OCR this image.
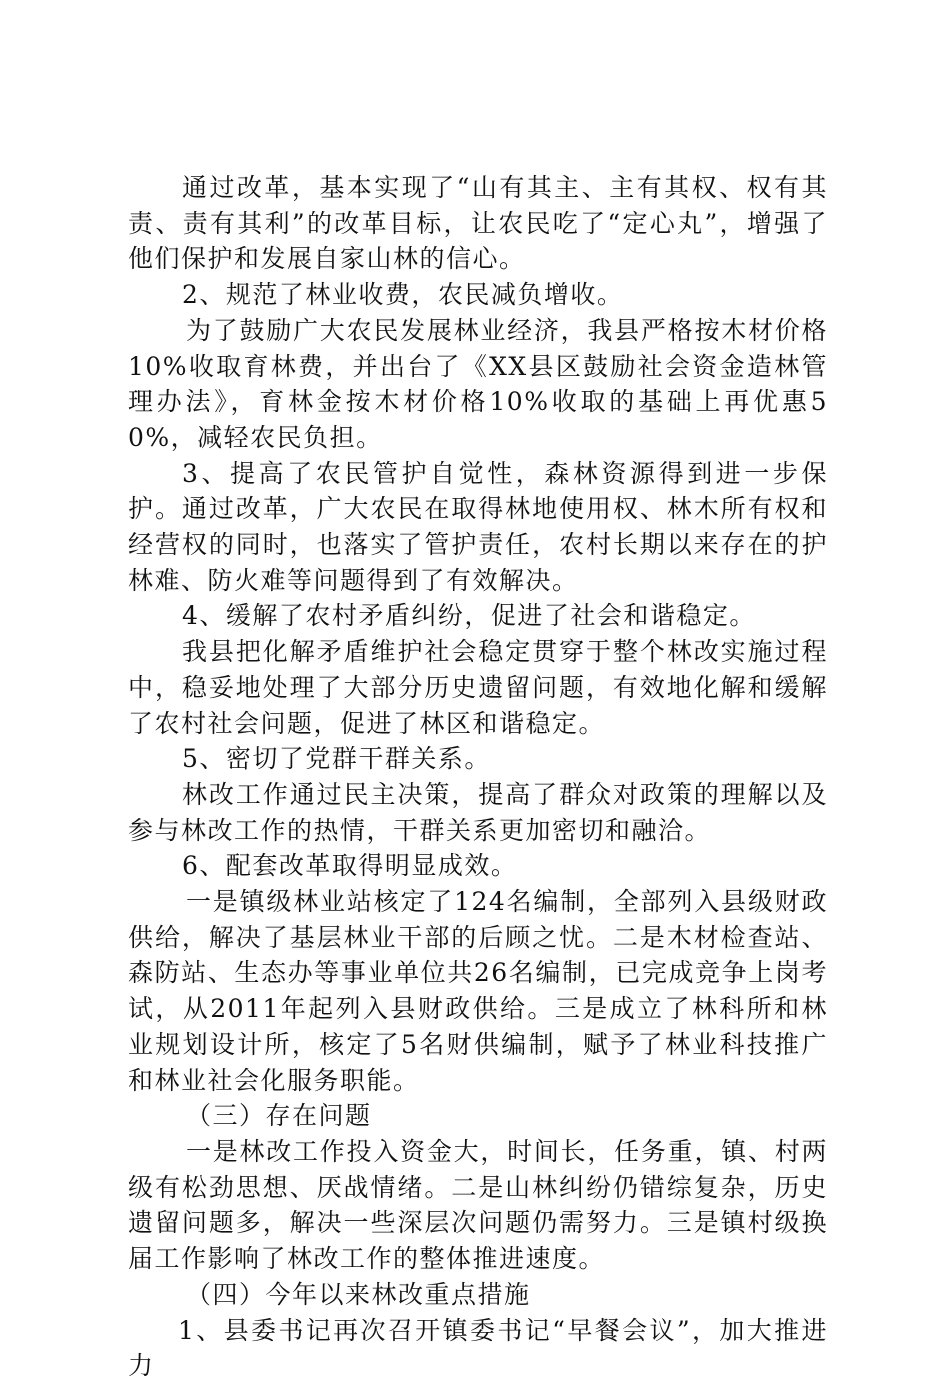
通过改革，基本实现了“山有其主、主有其权、权有其责、责有其利”的改革目标，让农民吃了“定心丸”，增强了他们保护和发展自家山林的信心。

2、规范了林业收费，农民减负增收。

为了鼓励广大农民发展林业经济，我县严格按木材价格10%收取育林费，并出台了《XX县区鼓励社会资金造林管理办法》，育林金按木材价格10%收取的基础上再优惠50%，减轻农民负担。

3、提高了农民管护自觉性，森林资源得到进一步保护。通过改革，广大农民在取得林地使用权、林木所有权和经营权的同时，也落实了管护责任，农村长期以来存在的护林难、防火难等问题得到了有效解决。

4、缓解了农村矛盾纠纷，促进了社会和谐稳定。

我县把化解矛盾维护社会稳定贯穿于整个林改实施过程中，稳妥地处理了大部分历史遗留问题，有效地化解和缓解了农村社会问题，促进了林区和谐稳定。

5、密切了党群干群关系。

林改工作通过民主决策，提高了群众对政策的理解以及参与林改工作的热情，干群关系更加密切和融洽。

6、配套改革取得明显成效。

一是镇级林业站核定了124名编制，全部列入县级财政供给，解决了基层林业干部的后顾之忧。二是木材检查站、森防站、生态办等事业单位共26名编制，已完成竞争上岗考试，从2011年起列入县财政供给。三是成立了林科所和林业规划设计所，核定了5名财供编制，赋予了林业科技推广和林业社会化服务职能。

（三）存在问题

一是林改工作投入资金大，时间长，任务重，镇、村两级有松劲思想、厌战情绪。二是山林纠纷仍错综复杂，历史遗留问题多，解决一些深层次问题仍需努力。三是镇村级换届工作影响了林改工作的整体推进速度。

（四）今年以来林改重点措施

1、县委书记再次召开镇委书记“早餐会议”，加大推进力
